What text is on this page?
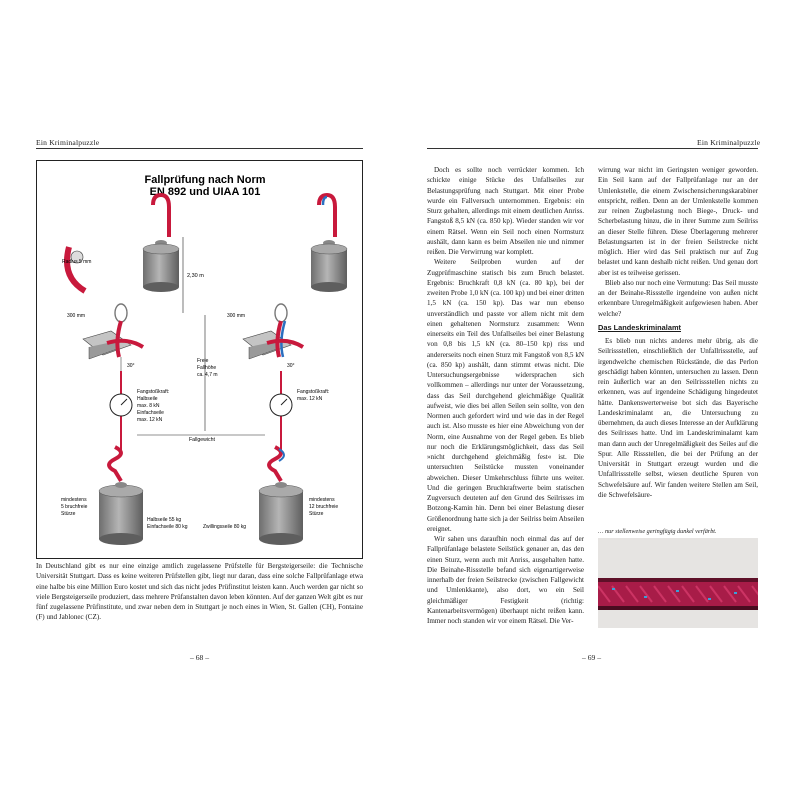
Ein Kriminalpuzzle	Ein Kriminalpuzzle
Fallprüfung nach Norm
EN 892 und UIAA 101
2,30 m
Radius 5 mm
300 mm
30°
300 mm
30°
Freie
Fallhöhe
ca. 4,7 m
Fangstoßkraft:
Halbseile
max. 8 kN
Einfachseile
max. 12 kN
Fangstoßkraft:
max. 12 kN
Fallgewicht
mindestens
5 bruchfreie
Stürze
Halbseile 55 kg
Einfachseile 80 kg	Zwillingsseile 80 kg
mindestens
12 bruchfreie
Stürze
In Deutschland gibt es nur eine einzige amtlich zugelassene Prüfstelle für Bergsteigerseile: die Technische Universität Stuttgart. Dass es keine weiteren Prüfstellen gibt, liegt nur daran, dass eine solche Fallprüfanlage etwa eine halbe bis eine Million Euro kostet und sich das nicht jedes Prüfinstitut leisten kann. Auch werden gar nicht so viele Bergsteigerseile produziert, dass mehrere Prüfanstalten davon leben könnten. Auf der ganzen Welt gibt es nur fünf zugelassene Prüfinstitute, und zwar neben dem in Stuttgart je noch eines in Wien, St. Gallen (CH), Fontaine (F) und Jablonec (CZ).

Doch es sollte noch verrückter kommen. Ich schickte einige Stücke des Unfallseiles zur Belastungsprüfung nach Stuttgart. Mit einer Probe wurde ein Fallversuch unternommen. Ergebnis: ein Sturz gehalten, allerdings mit einem deutlichen Anriss. Fangstoß 8,5 kN (ca. 850 kp). Wieder standen wir vor einem Rätsel. Wenn ein Seil noch einen Normsturz aushält, dann kann es beim Abseilen nie und nimmer reißen. Die Verwirrung war komplett.

Weitere Seilproben wurden auf der Zugprüfmaschine statisch bis zum Bruch belastet. Ergebnis: Bruchkraft 0,8 kN (ca. 80 kp), bei der zweiten Probe 1,0 kN (ca. 100 kp) und bei einer dritten 1,5 kN (ca. 150 kp). Das war nun ebenso unverständlich und passte vor allem nicht mit dem einen gehaltenen Normsturz zusammen: Wenn einerseits ein Teil des Unfallseiles bei einer Belastung von 0,8 bis 1,5 kN (ca. 80–150 kp) riss und andererseits noch einen Sturz mit Fangstoß von 8,5 kN (ca. 850 kp) aushält, dann stimmt etwas nicht. Die Untersuchungsergebnisse widersprachen sich vollkommen – allerdings nur unter der Voraussetzung, dass das Seil durchgehend gleichmäßige Qualität aufweist, wie dies bei allen Seilen sein sollte, von den Normen auch gefordert wird und wie das in der Regel auch ist. Also musste es hier eine Abweichung von der Norm, eine Ausnahme von der Regel geben. Es blieb nur noch die Erklärungsmöglichkeit, dass das Seil »nicht durchgehend gleichmäßig fest« ist. Die untersuchten Seilstücke mussten voneinander abweichen. Dieser Umkehrschluss führte uns weiter. Und die geringen Bruchkraftwerte beim statischen Zugversuch deuteten auf den Grund des Seilrisses im Botzong-Kamin hin. Denn bei einer Belastung dieser Größenordnung hatte sich ja der Seilriss beim Abseilen ereignet.

Wir sahen uns daraufhin noch einmal das auf der Fallprüfanlage belastete Seilstück genauer an, das den einen Sturz, wenn auch mit Anriss, ausgehalten hatte. Die Beinahe-Rissstelle befand sich eigenartigerweise innerhalb der freien Seilstrecke (zwischen Fallgewicht und Umlenkkante), also dort, wo ein Seil gleichmäßiger Festigkeit (richtig: Kantenarbeitsvermögen) überhaupt nicht reißen kann. Immer noch standen wir vor einem Rätsel. Die Ver-

wirrung war nicht im Geringsten weniger geworden. Ein Seil kann auf der Fallprüfanlage nur an der Umlenkstelle, die einem Zwischensicherungskarabiner entspricht, reißen. Denn an der Umlenkstelle kommen zur reinen Zugbelastung noch Biege-, Druck- und Scherbelastung hinzu, die in ihrer Summe zum Seilriss an dieser Stelle führen. Diese Überlagerung mehrerer Belastungsarten ist in der freien Seilstrecke nicht möglich. Hier wird das Seil praktisch nur auf Zug belastet und kann deshalb nicht reißen. Und genau dort aber ist es teilweise gerissen.

Blieb also nur noch eine Vermutung: Das Seil musste an der Beinahe-Rissstelle irgendeine von außen nicht erkennbare Unregelmäßigkeit aufgewiesen haben. Aber welche?

Das Landeskriminalamt

Es blieb nun nichts anderes mehr übrig, als die Seilrissstellen, einschließlich der Unfallrissstelle, auf irgendwelche chemischen Rückstände, die das Perlon geschädigt haben könnten, untersuchen zu lassen. Denn rein äußerlich war an den Seilrissstellen nichts zu erkennen, was auf irgendeine Schädigung hingedeutet hätte. Dankenswerterweise bot sich das Bayerische Landeskriminalamt an, die Untersuchung zu übernehmen, da auch dieses Interesse an der Aufklärung des Seilrisses hatte. Und im Landeskriminalamt kam man dann auch der Unregelmäßigkeit des Seiles auf die Spur. Alle Rissstellen, die bei der Prüfung an der Universität in Stuttgart erzeugt wurden und die Unfallrissstelle selbst, wiesen deutliche Spuren von Schwefelsäure auf. Wir fanden weitere Stellen am Seil, die Schwefelsäure-

… nur stellenweise geringfügig dunkel verfärbt.
– 68 –	– 69 –
